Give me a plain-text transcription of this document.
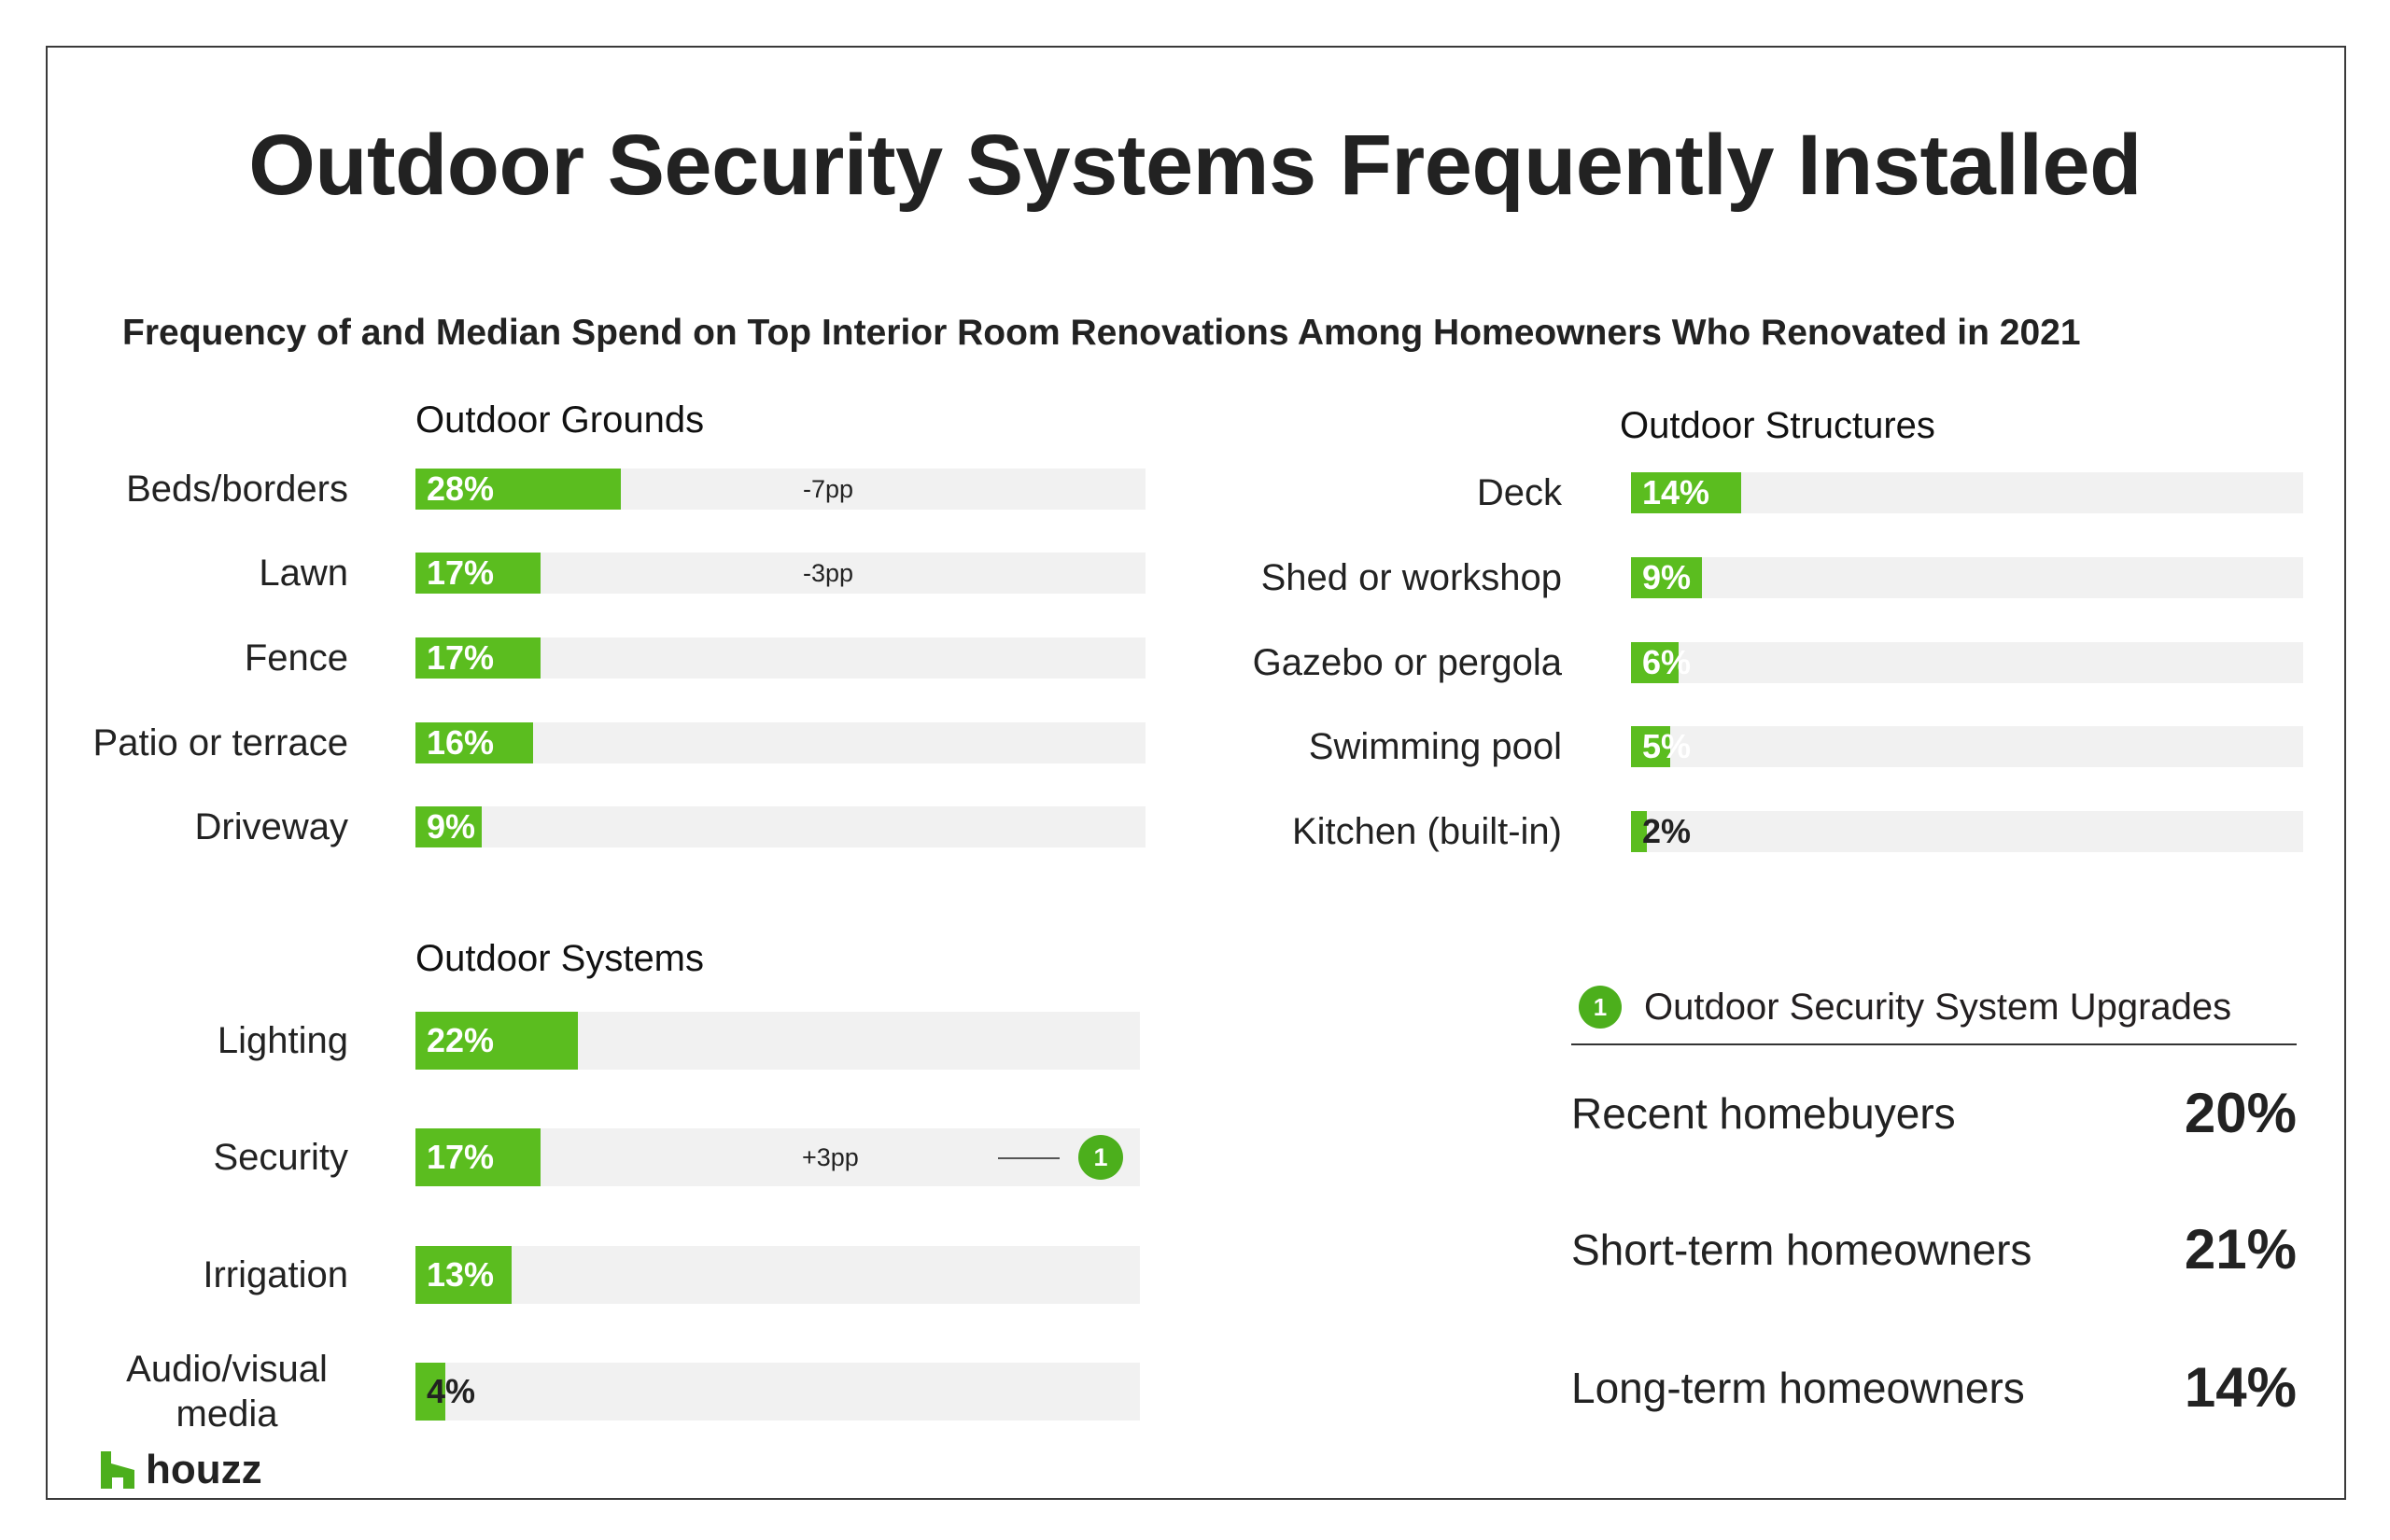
Outdoor Security Systems Frequently Installed
Frequency of and Median Spend on Top Interior Room Renovations Among Homeowners Who Renovated in 2021
Outdoor Grounds
Beds/borders 28%	-7pp
Lawn 17%	-3pp
Fence 17%
Patio or terrace 16%
Driveway 9%
Outdoor Structures
Deck 14%
Shed or workshop 9%
Gazebo or pergola 6%
Swimming pool 5%
Kitchen (built-in) 2%
Outdoor Systems
Lighting 22%
Security 17%	+3pp	1
Irrigation 13%
Audio/visual media
4%
1 Outdoor Security System Upgrades
Recent homebuyers	20%
Short-term homeowners	21%
Long-term homeowners	14%
houzz
